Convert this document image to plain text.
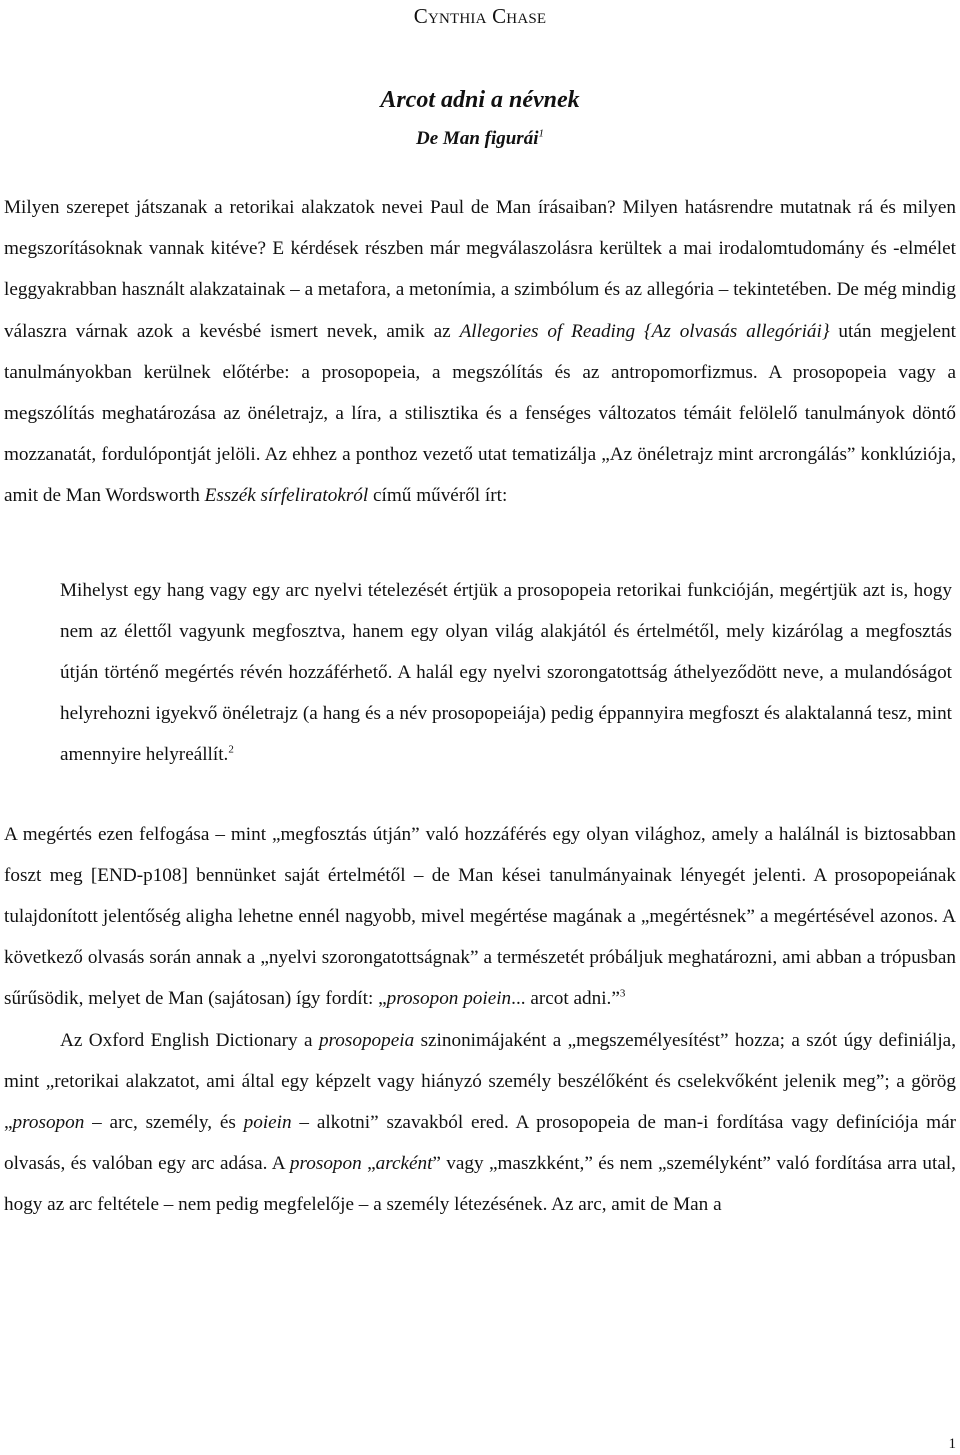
Cynthia Chase
Arcot adni a névnek
De Man figurái$^1$

Milyen szerepet játszanak a retorikai alakzatok nevei Paul de Man írásaiban? Milyen hatásrendre mutatnak rá és milyen megszorításoknak vannak kitéve? E kérdések részben már megválaszolásra kerültek a mai irodalomtudomány és -elmélet leggyakrabban használt alakzatainak – a metafora, a metonímia, a szimbólum és az allegória – tekintetében. De még mindig válaszra várnak azok a kevésbé ismert nevek, amik az Allegories of Reading {Az olvasás allegóriái} után megjelent tanulmányokban kerülnek előtérbe: a prosopopeia, a megszólítás és az antropomorfizmus. A prosopopeia vagy a megszólítás meghatározása az önéletrajz, a líra, a stilisztika és a fenséges változatos témáit felölelő tanulmányok döntő mozzanatát, fordulópontját jelöli. Az ehhez a ponthoz vezető utat tematizálja „Az önéletrajz mint arcrongálás” konklúziója, amit de Man Wordsworth Esszék sírfeliratokról című művéről írt:

Mihelyst egy hang vagy egy arc nyelvi tételezését értjük a prosopopeia retorikai funkcióján, megértjük azt is, hogy nem az élettől vagyunk megfosztva, hanem egy olyan világ alakjától és értelmétől, mely kizárólag a megfosztás útján történő megértés révén hozzáférhető. A halál egy nyelvi szorongatottság áthelyeződött neve, a mulandóságot helyrehozni igyekvő önéletrajz (a hang és a név prosopopeiája) pedig éppannyira megfoszt és alaktalanná tesz, mint amennyire helyreállít.$^2$

A megértés ezen felfogása – mint „megfosztás útján” való hozzáférés egy olyan világhoz, amely a halálnál is biztosabban foszt meg [END-p108] bennünket saját értelmétől – de Man kései tanulmányainak lényegét jelenti. A prosopopeiának tulajdonított jelentőség aligha lehetne ennél nagyobb, mivel megértése magának a „megértésnek” a megértésével azonos. A következő olvasás során annak a „nyelvi szorongatottságnak” a természetét próbáljuk meghatározni, ami abban a trópusban sűrűsödik, melyet de Man (sajátosan) így fordít: „prosopon poiein... arcot adni.”$^3$

Az Oxford English Dictionary a prosopopeia szinonimájaként a „megszemélyesítést” hozza; a szót úgy definiálja, mint „retorikai alakzatot, ami által egy képzelt vagy hiányzó személy beszélőként és cselekvőként jelenik meg”; a görög „prosopon – arc, személy, és poiein – alkotni” szavakból ered. A prosopopeia de man-i fordítása vagy definíciója már olvasás, és valóban egy arc adása. A prosopon „arcként” vagy „maszkként,” és nem „személyként” való fordítása arra utal, hogy az arc feltétele – nem pedig megfelelője – a személy létezésének. Az arc, amit de Man a

1
